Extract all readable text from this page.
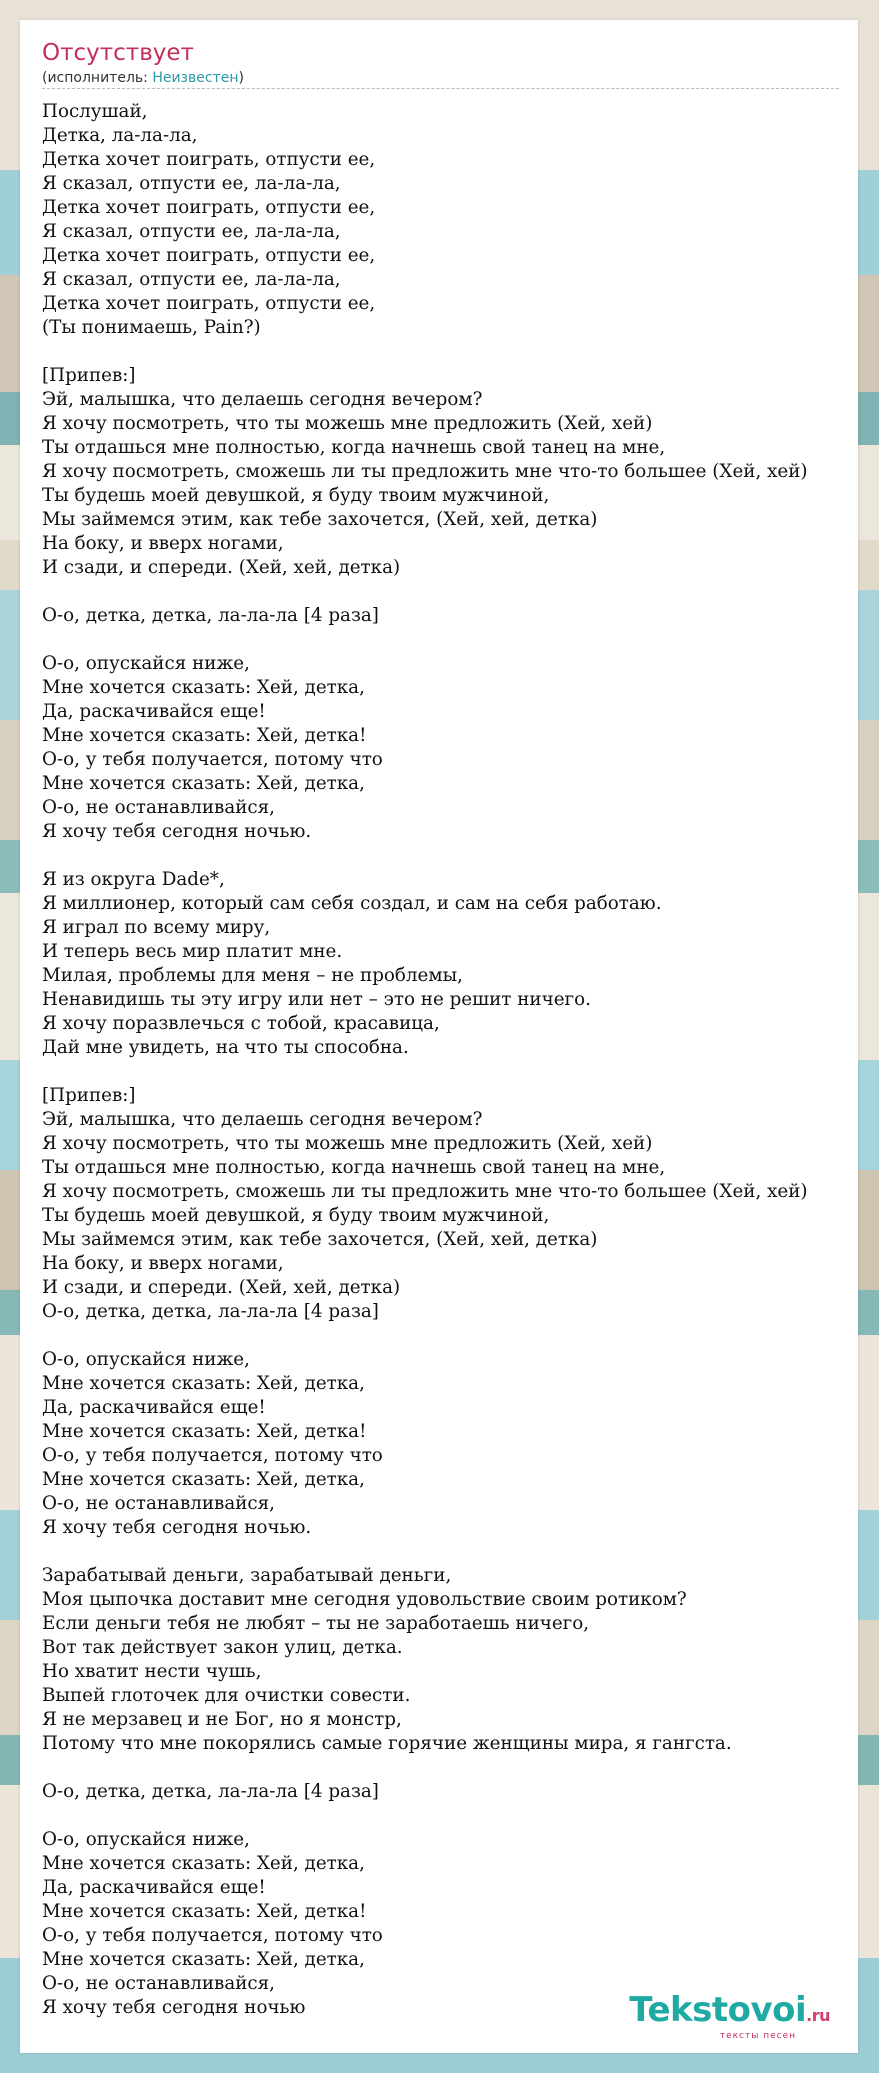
Отсутствует
(исполнитель: Неизвестен)
Послушай,
Детка, ла-ла-ла,
Детка хочет поиграть, отпусти ее,
Я сказал, отпусти ее, ла-ла-ла,
Детка хочет поиграть, отпусти ее,
Я сказал, отпусти ее, ла-ла-ла,
Детка хочет поиграть, отпусти ее,
Я сказал, отпусти ее, ла-ла-ла,
Детка хочет поиграть, отпусти ее,
(Ты понимаешь, Pain?)

[Припев:]
Эй, малышка, что делаешь сегодня вечером?
Я хочу посмотреть, что ты можешь мне предложить (Хей, хей)
Ты отдашься мне полностью, когда начнешь свой танец на мне,
Я хочу посмотреть, сможешь ли ты предложить мне что-то большее (Хей, хей)
Ты будешь моей девушкой, я буду твоим мужчиной,
Мы займемся этим, как тебе захочется, (Хей, хей, детка)
На боку, и вверх ногами,
И сзади, и спереди. (Хей, хей, детка)

О-о, детка, детка, ла-ла-ла [4 раза]

О-о, опускайся ниже,
Мне хочется сказать: Хей, детка,
Да, раскачивайся еще!
Мне хочется сказать: Хей, детка!
О-о, у тебя получается, потому что
Мне хочется сказать: Хей, детка,
О-о, не останавливайся,
Я хочу тебя сегодня ночью.

Я из округа Dade*,
Я миллионер, который сам себя создал, и сам на себя работаю.
Я играл по всему миру,
И теперь весь мир платит мне.
Милая, проблемы для меня – не проблемы,
Ненавидишь ты эту игру или нет – это не решит ничего.
Я хочу поразвлечься с тобой, красавица,
Дай мне увидеть, на что ты способна.

[Припев:]
Эй, малышка, что делаешь сегодня вечером?
Я хочу посмотреть, что ты можешь мне предложить (Хей, хей)
Ты отдашься мне полностью, когда начнешь свой танец на мне,
Я хочу посмотреть, сможешь ли ты предложить мне что-то большее (Хей, хей)
Ты будешь моей девушкой, я буду твоим мужчиной,
Мы займемся этим, как тебе захочется, (Хей, хей, детка)
На боку, и вверх ногами,
И сзади, и спереди. (Хей, хей, детка)
О-о, детка, детка, ла-ла-ла [4 раза]

О-о, опускайся ниже,
Мне хочется сказать: Хей, детка,
Да, раскачивайся еще!
Мне хочется сказать: Хей, детка!
О-о, у тебя получается, потому что
Мне хочется сказать: Хей, детка,
О-о, не останавливайся,
Я хочу тебя сегодня ночью.

Зарабатывай деньги, зарабатывай деньги,
Моя цыпочка доставит мне сегодня удовольствие своим ротиком?
Если деньги тебя не любят – ты не заработаешь ничего,
Вот так действует закон улиц, детка.
Но хватит нести чушь,
Выпей глоточек для очистки совести.
Я не мерзавец и не Бог, но я монстр,
Потому что мне покорялись самые горячие женщины мира, я гангста.

О-о, детка, детка, ла-ла-ла [4 раза]

О-о, опускайся ниже,
Мне хочется сказать: Хей, детка,
Да, раскачивайся еще!
Мне хочется сказать: Хей, детка!
О-о, у тебя получается, потому что
Мне хочется сказать: Хей, детка,
О-о, не останавливайся,
Я хочу тебя сегодня ночью	Tekstovoi.ru
тексты песен
